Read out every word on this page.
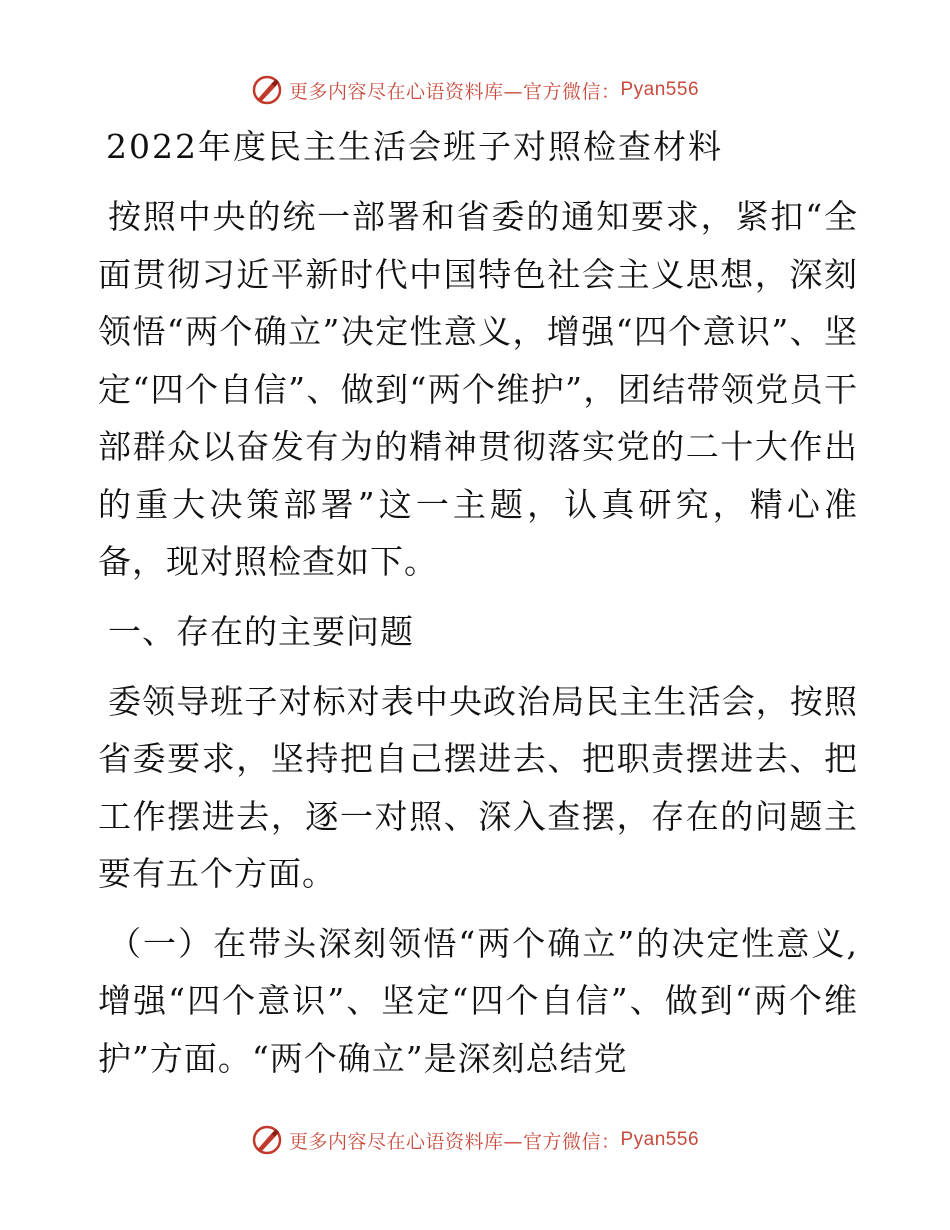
更多内容尽在心语资料库—官方微信： Pyan556
2022年度民主生活会班子对照检查材料

按照中央的统一部署和省委的通知要求，紧扣“全面贯彻习近平新时代中国特色社会主义思想，深刻领悟“两个确立”决定性意义，增强“四个意识”、坚定“四个自信”、做到“两个维护”，团结带领党员干部群众以奋发有为的精神贯彻落实党的二十大作出的重大决策部署”这一主题，认真研究，精心准备，现对照检查如下。

一、存在的主要问题

委领导班子对标对表中央政治局民主生活会，按照省委要求，坚持把自己摆进去、把职责摆进去、把工作摆进去，逐一对照、深入查摆，存在的问题主要有五个方面。

（一）在带头深刻领悟“两个确立”的决定性意义,增强“四个意识”、坚定“四个自信”、做到“两个维护”方面。“两个确立”是深刻总结党

更多内容尽在心语资料库—官方微信： Pyan556
